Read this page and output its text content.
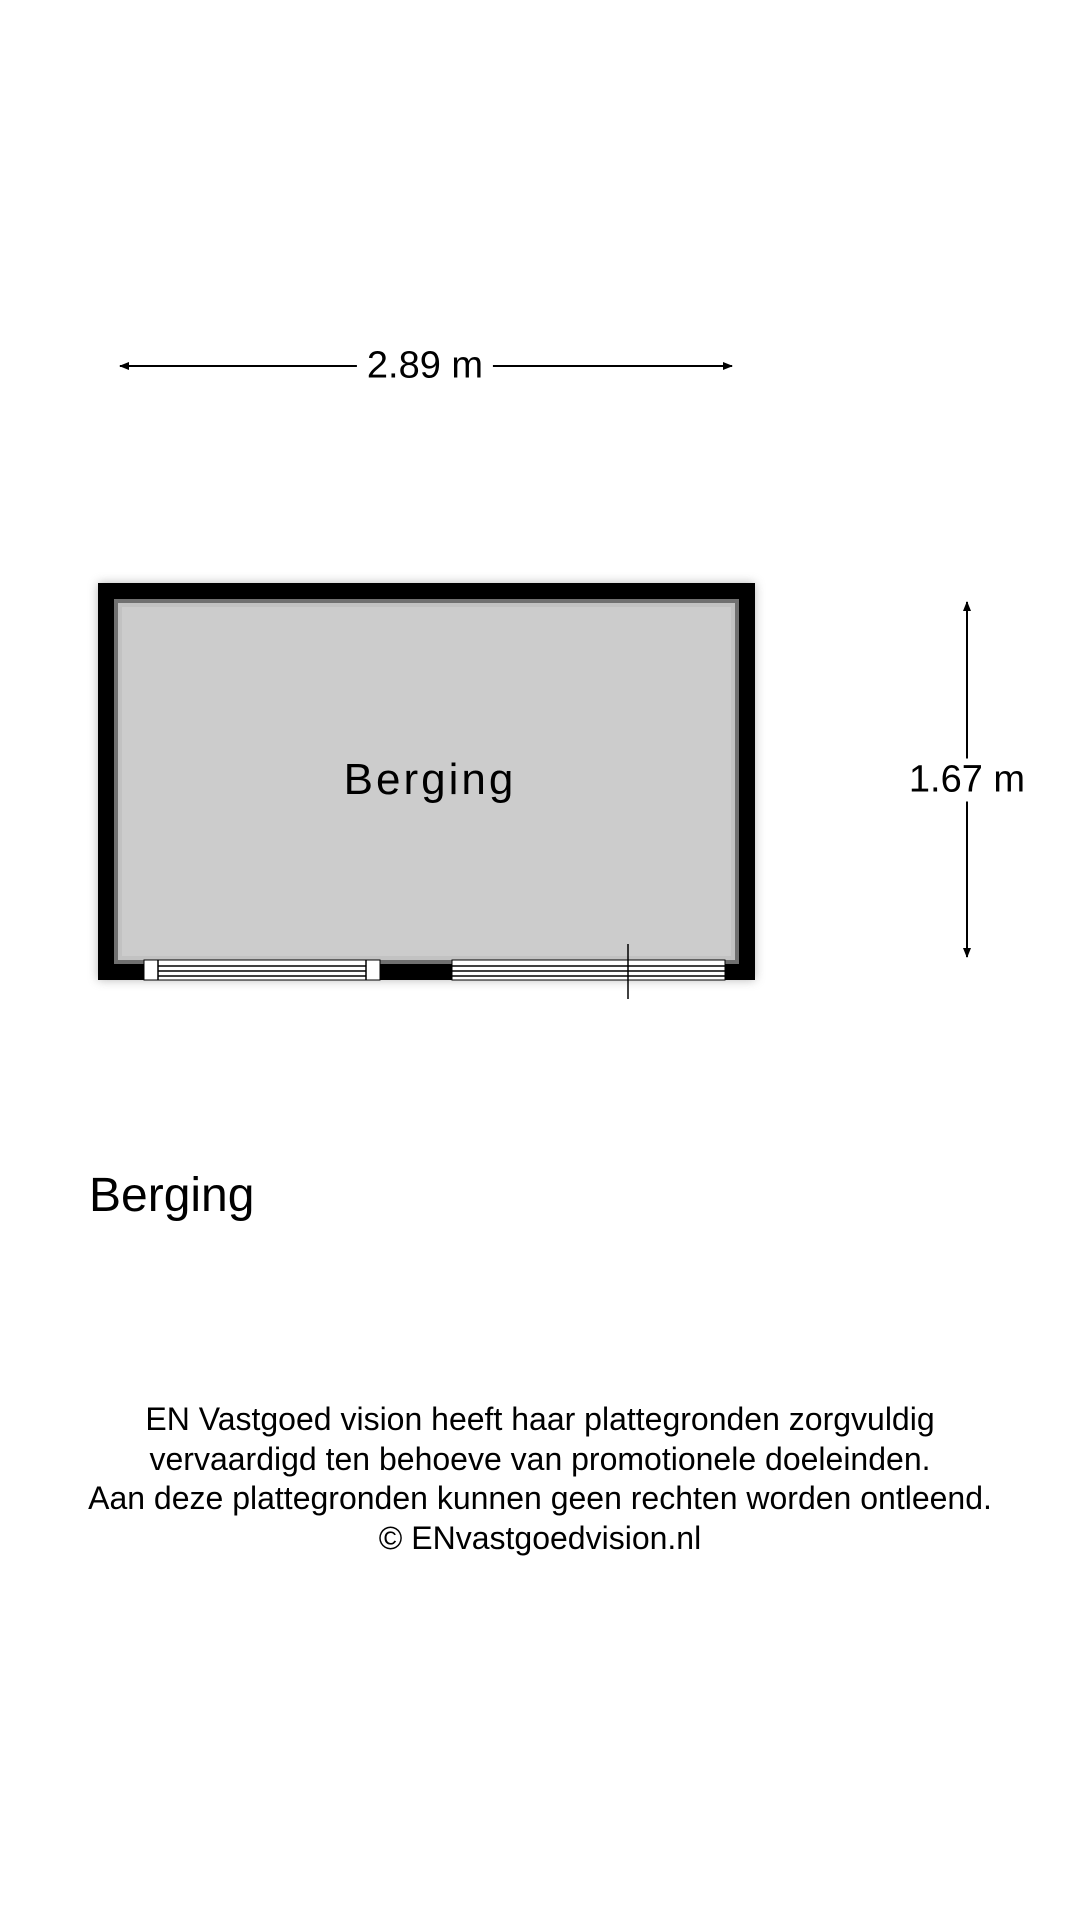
2.89 m
1.67 m
Berging
Berging
EN Vastgoed vision heeft haar plattegronden zorgvuldig
vervaardigd ten behoeve van promotionele doeleinden.
Aan deze plattegronden kunnen geen rechten worden ontleend.
© ENvastgoedvision.nl
